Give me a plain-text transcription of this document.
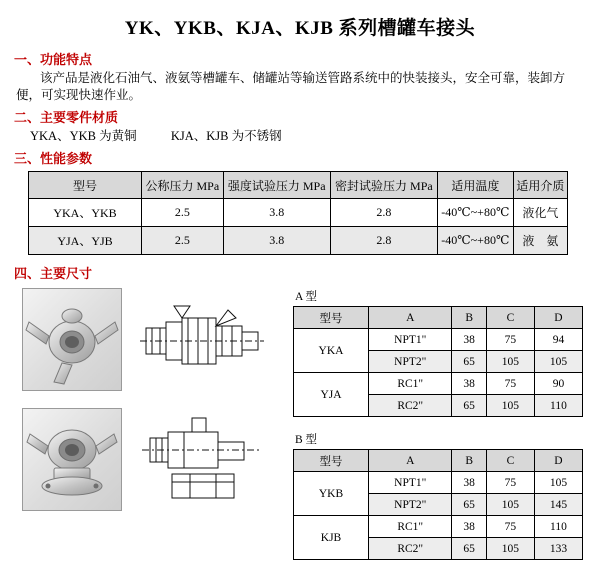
YK、YKB、KJA、KJB 系列槽罐车接头
一、功能特点
该产品是液化石油气、液氨等槽罐车、储罐站等输送管路系统中的快装接头，安全可靠，装卸方便，可实现快速作业。
二、主要零件材质
YKA、YKB 为黄铜	KJA、KJB 为不锈钢
三、性能参数
型号	公称压力 MPa	强度试验压力 MPa	密封试验压力 MPa	适用温度	适用介质
YKA、YKB	2.5	3.8	2.8	-40℃~+80℃	液化气
YJA、YJB	2.5	3.8	2.8	-40℃~+80℃	液　氨
四、主要尺寸

A 型
型号	A	B	C	D
YKA	NPT1"	38	75	94
	NPT2"	65	105	105
YJA	RC1"	38	75	90
	RC2"	65	105	110
B 型
型号	A	B	C	D
YKB	NPT1"	38	75	105
	NPT2"	65	105	145
KJB	RC1"	38	75	110
	RC2"	65	105	133
